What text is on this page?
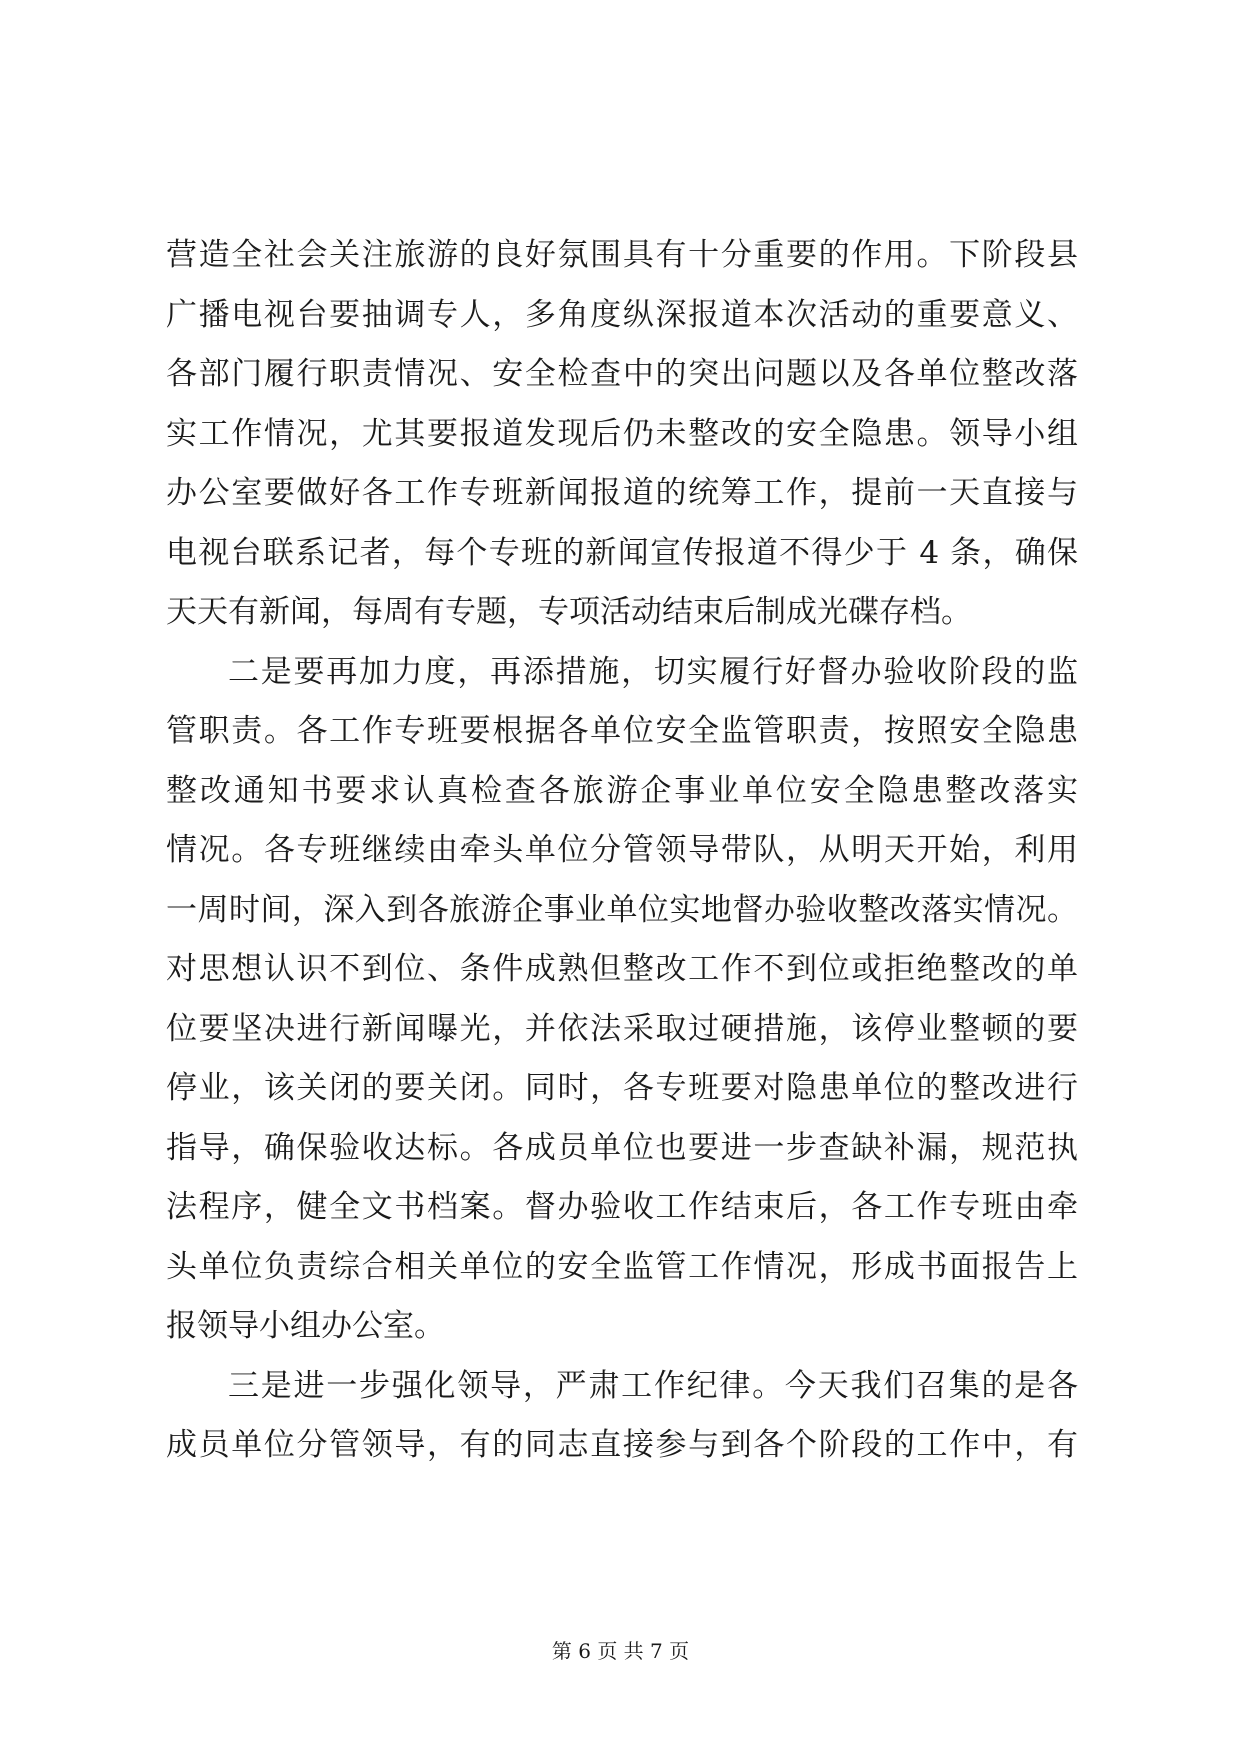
营造全社会关注旅游的良好氛围具有十分重要的作用。下阶段县
广播电视台要抽调专人，多角度纵深报道本次活动的重要意义、
各部门履行职责情况、安全检查中的突出问题以及各单位整改落
实工作情况，尤其要报道发现后仍未整改的安全隐患。领导小组
办公室要做好各工作专班新闻报道的统筹工作，提前一天直接与
电视台联系记者，每个专班的新闻宣传报道不得少于 4 条，确保
天天有新闻，每周有专题，专项活动结束后制成光碟存档。
二是要再加力度，再添措施，切实履行好督办验收阶段的监
管职责。各工作专班要根据各单位安全监管职责，按照安全隐患
整改通知书要求认真检查各旅游企事业单位安全隐患整改落实
情况。各专班继续由牵头单位分管领导带队，从明天开始，利用
一周时间，深入到各旅游企事业单位实地督办验收整改落实情况。
对思想认识不到位、条件成熟但整改工作不到位或拒绝整改的单
位要坚决进行新闻曝光，并依法采取过硬措施，该停业整顿的要
停业，该关闭的要关闭。同时，各专班要对隐患单位的整改进行
指导，确保验收达标。各成员单位也要进一步查缺补漏，规范执
法程序，健全文书档案。督办验收工作结束后，各工作专班由牵
头单位负责综合相关单位的安全监管工作情况，形成书面报告上
报领导小组办公室。
三是进一步强化领导，严肃工作纪律。今天我们召集的是各
成员单位分管领导，有的同志直接参与到各个阶段的工作中，有
第 6 页 共 7 页
